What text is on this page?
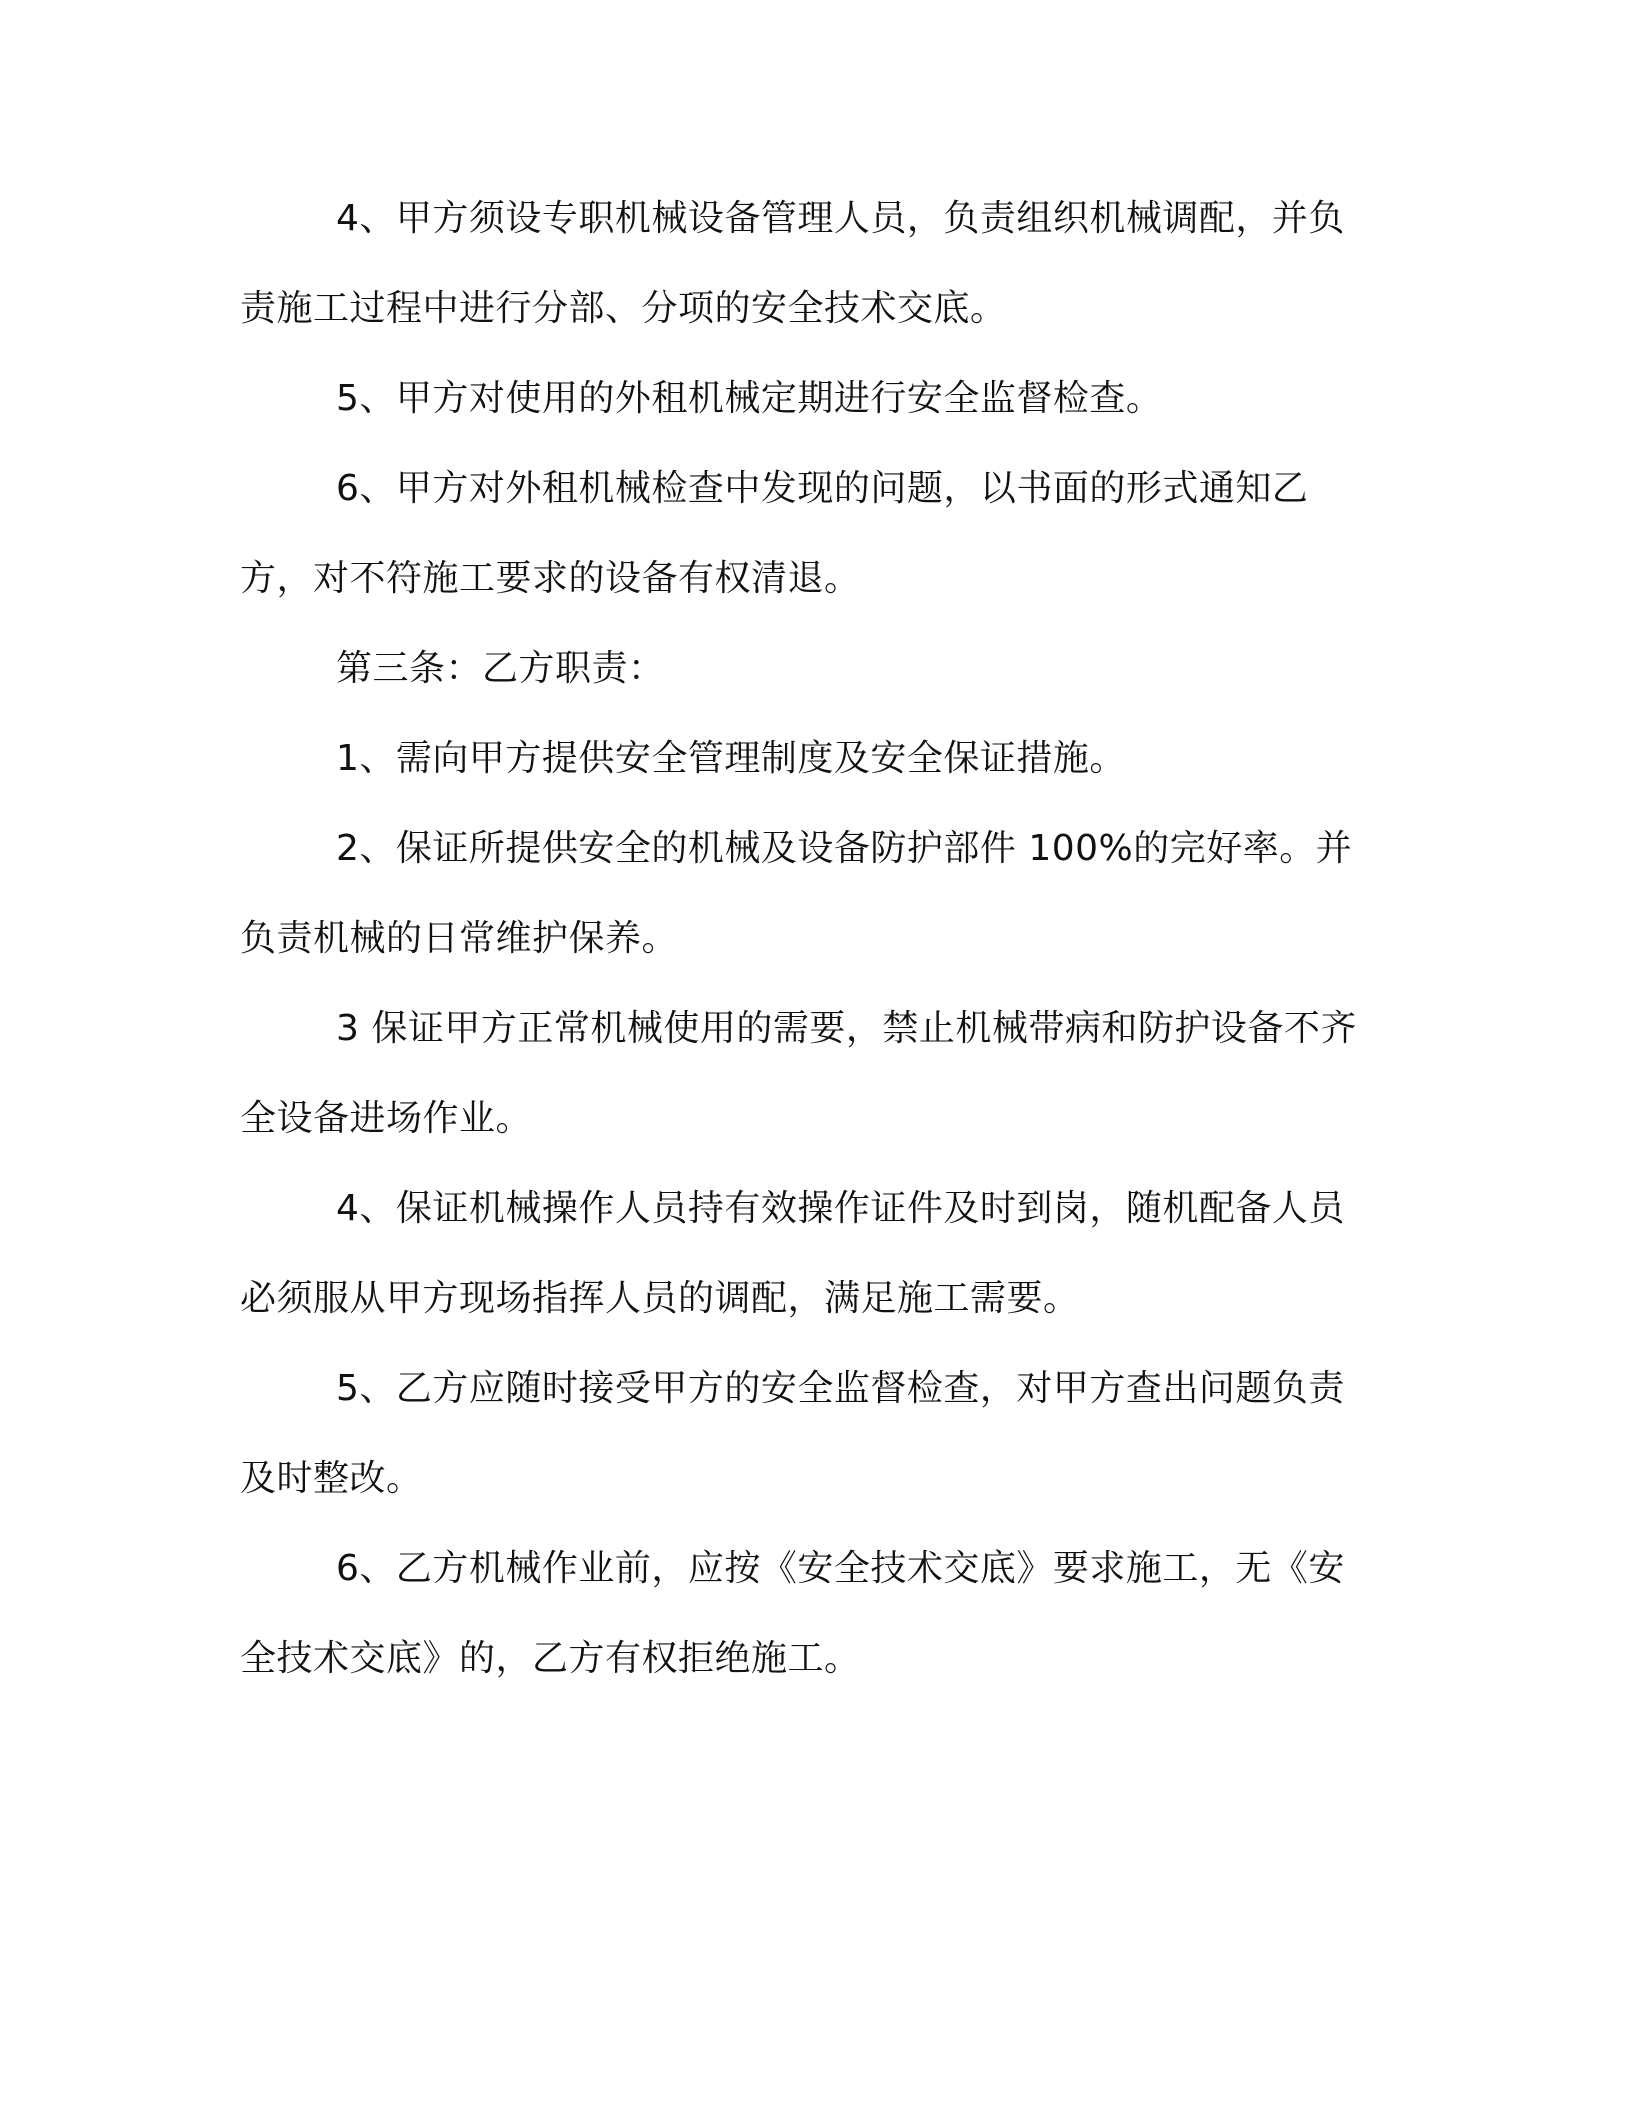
4、甲方须设专职机械设备管理人员，负责组织机械调配，并负责施工过程中进行分部、分项的安全技术交底。

5、甲方对使用的外租机械定期进行安全监督检查。

6、甲方对外租机械检查中发现的问题，以书面的形式通知乙方，对不符施工要求的设备有权清退。

第三条：乙方职责：

1、需向甲方提供安全管理制度及安全保证措施。

2、保证所提供安全的机械及设备防护部件 100%的完好率。并负责机械的日常维护保养。

3 保证甲方正常机械使用的需要，禁止机械带病和防护设备不齐全设备进场作业。

4、保证机械操作人员持有效操作证件及时到岗，随机配备人员必须服从甲方现场指挥人员的调配，满足施工需要。

5、乙方应随时接受甲方的安全监督检查，对甲方查出问题负责及时整改。

6、乙方机械作业前，应按《安全技术交底》要求施工，无《安全技术交底》的，乙方有权拒绝施工。
